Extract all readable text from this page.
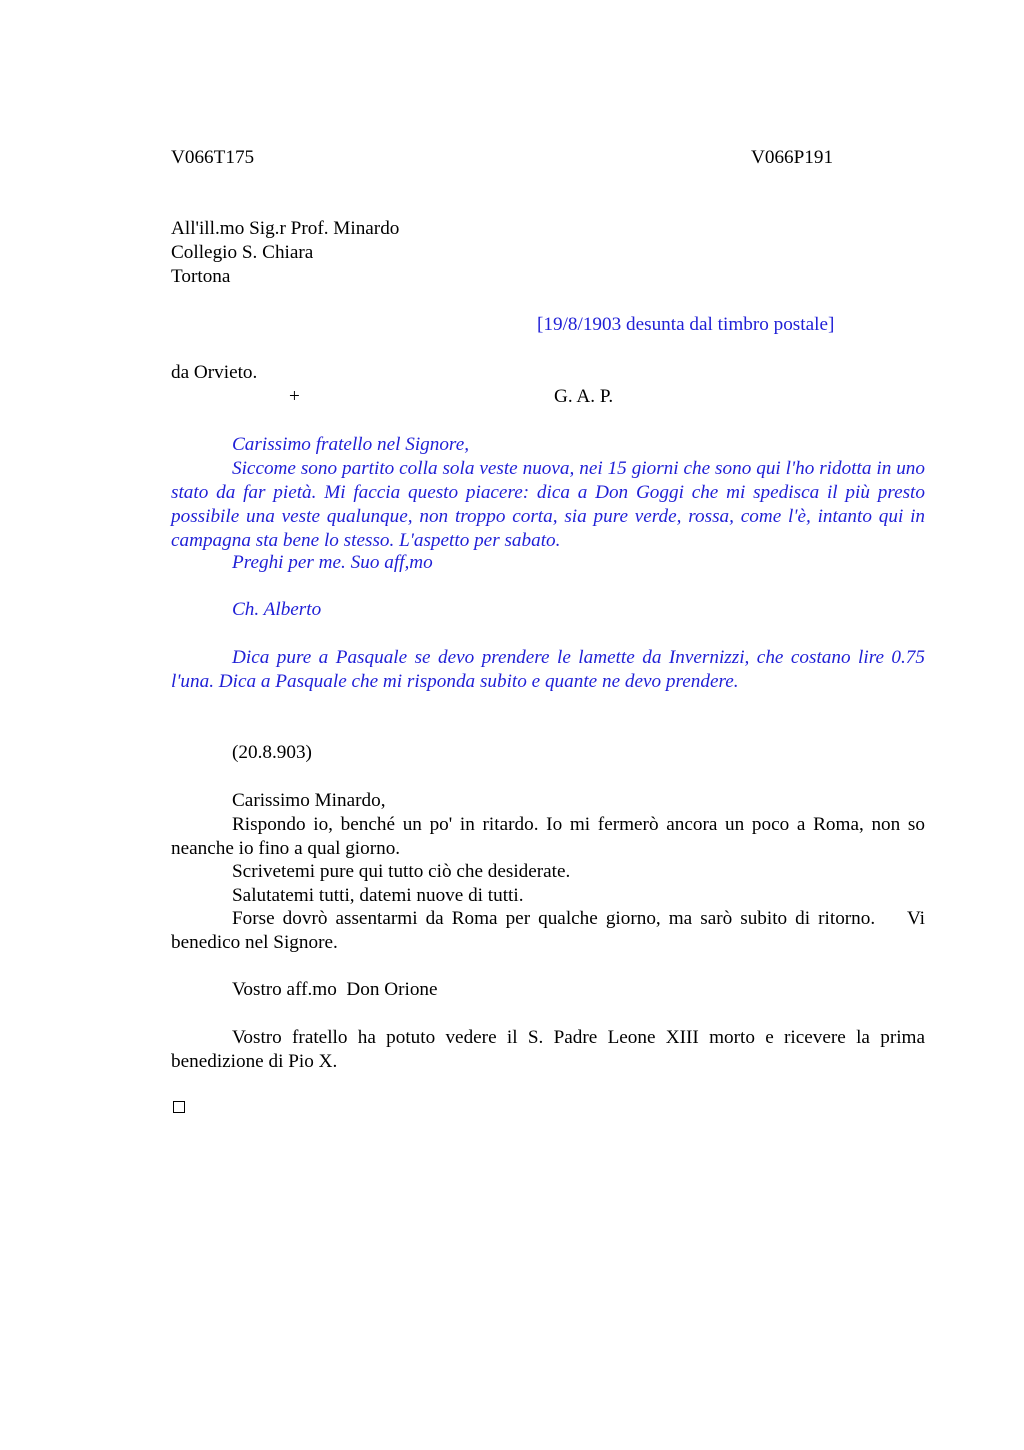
V066T175	V066P191

All'ill.mo Sig.r Prof. Minardo

Collegio S. Chiara

Tortona

[19/8/1903 desunta dal timbro postale]

da Orvieto.

+	G. A. P.

Carissimo fratello nel Signore,

Siccome sono partito colla sola veste nuova, nei 15 giorni che sono qui l'ho ridotta in uno stato da far pietà. Mi faccia questo piacere: dica a Don Goggi che mi spedisca il più presto possibile una veste qualunque, non troppo corta, sia pure verde, rossa, come l'è, intanto qui in campagna sta bene lo stesso. L'aspetto per sabato.

Preghi per me. Suo aff,mo

Ch. Alberto

Dica pure a Pasquale se devo prendere le lamette da Invernizzi, che costano lire 0.75 l'una. Dica a Pasquale che mi risponda subito e quante ne devo prendere.

(20.8.903)

Carissimo Minardo,

Rispondo io, benché un po' in ritardo. Io mi fermerò ancora un poco a Roma, non so neanche io fino a qual giorno.

Scrivetemi pure qui tutto ciò che desiderate.

Salutatemi tutti, datemi nuove di tutti.

Forse dovrò assentarmi da Roma per qualche giorno, ma sarò subito di ritorno.    Vi benedico nel Signore.

Vostro aff.mo  Don Orione

Vostro fratello ha potuto vedere il S. Padre Leone XIII morto e ricevere la prima benedizione di Pio X.
